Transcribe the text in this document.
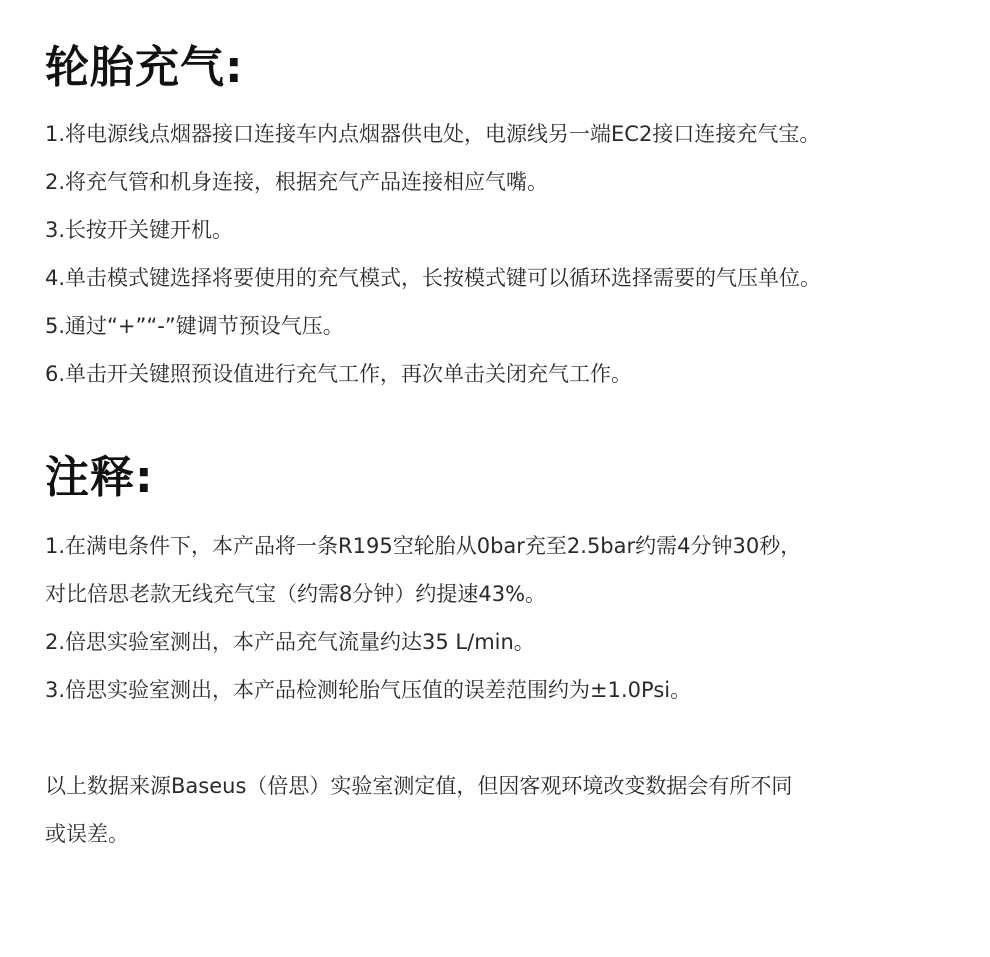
轮胎充气:
1.将电源线点烟器接口连接车内点烟器供电处，电源线另一端EC2接口连接充气宝。
2.将充气管和机身连接，根据充气产品连接相应气嘴。
3.长按开关键开机。
4.单击模式键选择将要使用的充气模式，长按模式键可以循环选择需要的气压单位。
5.通过“+”“-”键调节预设气压。
6.单击开关键照预设值进行充气工作，再次单击关闭充气工作。
注释:
1.在满电条件下，本产品将一条R195空轮胎从0bar充至2.5bar约需4分钟30秒，
对比倍思老款无线充气宝（约需8分钟）约提速43%。
2.倍思实验室测出，本产品充气流量约达35 L/min。
3.倍思实验室测出，本产品检测轮胎气压值的误差范围约为±1.0Psi。

以上数据来源Baseus（倍思）实验室测定值，但因客观环境改变数据会有所不同

或误差。
